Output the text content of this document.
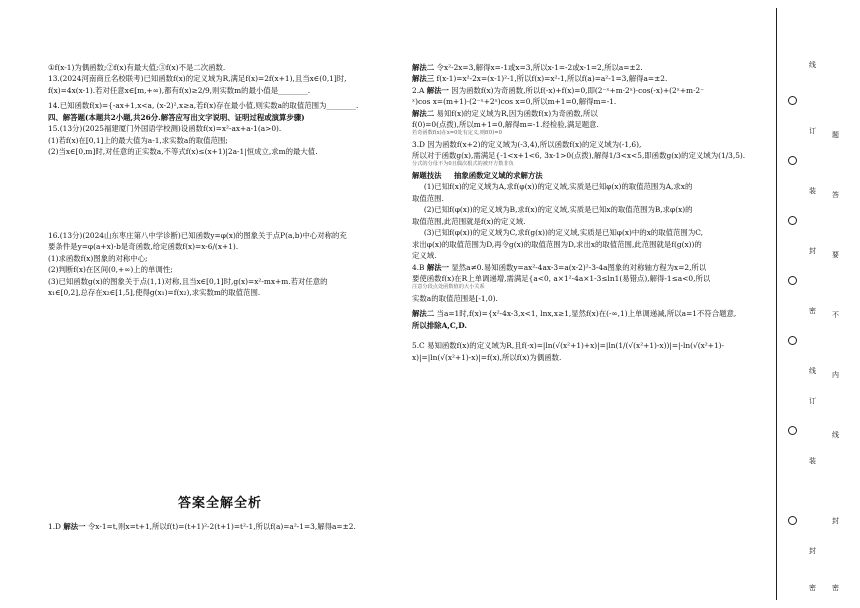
①f(x-1)为偶函数;②f(x)有最大值;③f(x)不是二次函数.

13.(2024河南商丘名校联考)已知函数f(x)的定义域为R,满足f(x)=2f(x+1),且当x∈(0,1]时,

f(x)=4x(x-1).若对任意x∈[m,+∞),都有f(x)≥2/9,则实数m的最小值是________.

14.已知函数f(x)={-ax+1,x<a, (x-2)²,x≥a,若f(x)存在最小值,则实数a的取值范围为________.

四、解答题(本题共2小题,共26分.解答应写出文字说明、证明过程或演算步骤)

15.(13分)(2025福建厦门外国语学校测)设函数f(x)=x²-ax+a-1(a>0).

(1)若f(x)在[0,1]上的最大值为a-1,求实数a的取值范围;

(2)当x∈[0,m]时,对任意的正实数a,不等式f(x)≤(x+1)|2a-1|恒成立,求m的最大值.

16.(13分)(2024山东枣庄第八中学诊断)已知函数y=φ(x)的图象关于点P(a,b)中心对称的充

要条件是y=φ(a+x)-b是奇函数,给定函数f(x)=x-6/(x+1).

(1)求函数f(x)图象的对称中心;

(2)判断f(x)在区间(0,+∞)上的单调性;

(3)已知函数g(x)的图象关于点(1,1)对称,且当x∈[0,1]时,g(x)=x²-mx+m.若对任意的

x₁∈[0,2],总存在x₂∈[1,5],使得g(x₁)=f(x₂),求实数m的取值范围.

答案全解全析

1.D 解法一 令x-1=t,则x=t+1,所以f(t)=(t+1)²-2(t+1)=t²-1,所以f(a)=a²-1=3,解得a=±2.

解法二 令x²-2x=3,解得x=-1或x=3,所以x-1=-2或x-1=2,所以a=±2.

解法三 f(x-1)=x²-2x=(x-1)²-1,所以f(x)=x²-1,所以f(a)=a²-1=3,解得a=±2.

2.A 解法一 因为函数f(x)为奇函数,所以f(-x)+f(x)=0,即(2⁻ˣ+m·2ˣ)·cos(-x)+(2ˣ+m·2⁻

ˣ)cos x=(m+1)·(2⁻ˣ+2ˣ)cos x=0,所以m+1=0,解得m=-1.

解法二 易知f(x)的定义域为R,因为函数f(x)为奇函数,所以

f(0)=0(点拨),所以m+1=0,解得m=-1.经检验,满足题意.

若奇函数f(x)在x=0处有定义,则f(0)=0

3.D 因为函数f(x+2)的定义域为(-3,4),所以函数f(x)的定义域为(-1,6),

所以对于函数g(x),需满足{-1<x+1<6, 3x-1>0(点拨),解得1/3<x<5,即函数g(x)的定义域为(1/3,5).

分式的分母不为0且偶次根式的被开方数非负

解题技法 抽象函数定义域的求解方法

(1)已知f(x)的定义域为A,求f(φ(x))的定义域,实质是已知φ(x)的取值范围为A,求x的

取值范围.

(2)已知f(φ(x))的定义域为B,求f(x)的定义域,实质是已知x的取值范围为B,求φ(x)的

取值范围,此范围就是f(x)的定义域.

(3)已知f(φ(x))的定义域为C,求f(g(x))的定义域,实质是已知φ(x)中的x的取值范围为C,

求出φ(x)的取值范围为D,再令g(x)的取值范围为D,求出x的取值范围,此范围就是f(g(x))的

定义域.

4.B 解法一 显然a≠0.易知函数y=ax²-4ax-3=a(x-2)²-3-4a图象的对称轴方程为x=2,所以

要使函数f(x)在R上单调递增,需满足{a<0, a×1²-4a×1-3≤ln1(易错点),解得-1≤a<0,所以

注意分段点处函数值的大小关系

实数a的取值范围是[-1,0).

解法二 当a=1时,f(x)={x²-4x-3,x<1, lnx,x≥1,显然f(x)在(-∞,1)上单调递减,所以a=1不符合题意,

所以排除A,C,D.

5.C 易知函数f(x)的定义域为R,且f(-x)=|ln(√(x²+1)+x)|=|ln(1/(√(x²+1)-x))|=|-ln(√(x²+1)-

x)|=|ln(√(x²+1)-x)|=f(x),所以f(x)为偶函数.

线
订
装
封
密
线
订
装
封
密
题
答
要
不
内
线
封
密
